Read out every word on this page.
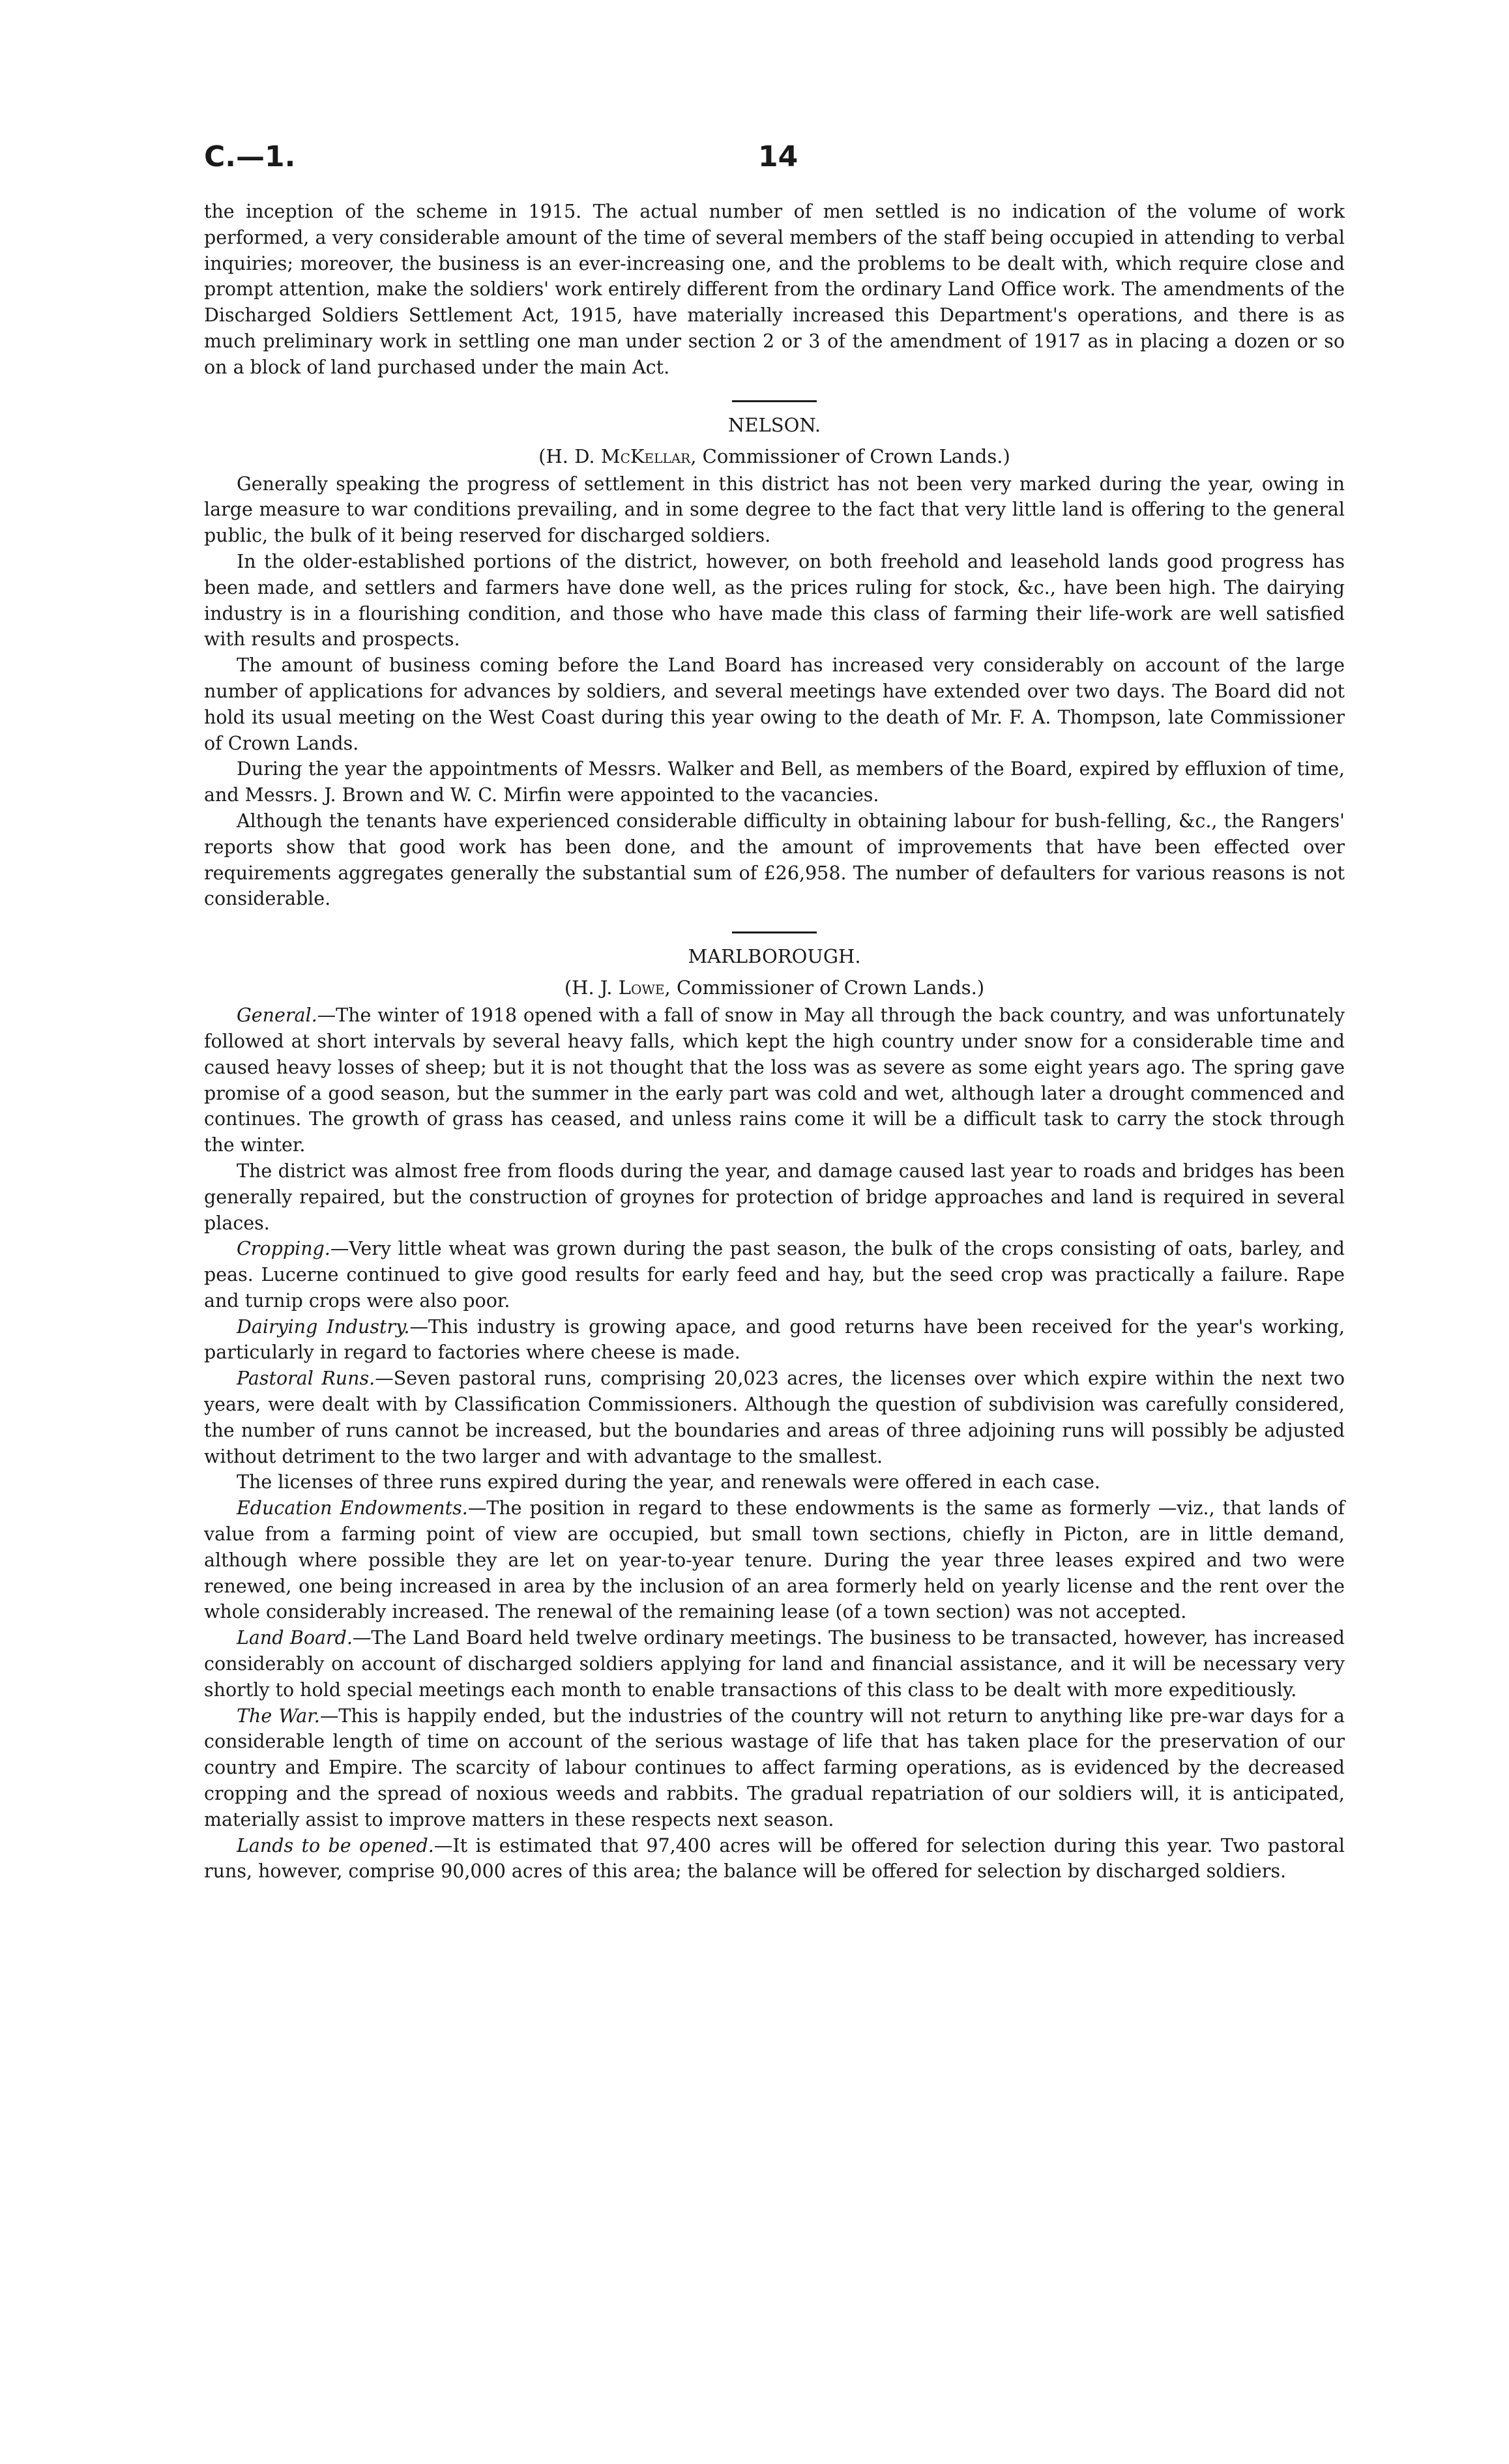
C.—1.	14

the inception of the scheme in 1915. The actual number of men settled is no indication of the volume of work performed, a very considerable amount of the time of several members of the staff being occupied in attending to verbal inquiries; moreover, the business is an ever-increasing one, and the problems to be dealt with, which require close and prompt attention, make the soldiers' work entirely different from the ordinary Land Office work. The amendments of the Discharged Soldiers Settlement Act, 1915, have materially increased this Department's operations, and there is as much preliminary work in settling one man under section 2 or 3 of the amendment of 1917 as in placing a dozen or so on a block of land purchased under the main Act.

NELSON.

(H. D. McKellar, Commissioner of Crown Lands.)

Generally speaking the progress of settlement in this district has not been very marked during the year, owing in large measure to war conditions prevailing, and in some degree to the fact that very little land is offering to the general public, the bulk of it being reserved for discharged soldiers.

In the older-established portions of the district, however, on both freehold and leasehold lands good progress has been made, and settlers and farmers have done well, as the prices ruling for stock, &c., have been high. The dairying industry is in a flourishing condition, and those who have made this class of farming their life-work are well satisfied with results and prospects.

The amount of business coming before the Land Board has increased very considerably on account of the large number of applications for advances by soldiers, and several meetings have extended over two days. The Board did not hold its usual meeting on the West Coast during this year owing to the death of Mr. F. A. Thompson, late Commissioner of Crown Lands.

During the year the appointments of Messrs. Walker and Bell, as members of the Board, expired by effluxion of time, and Messrs. J. Brown and W. C. Mirfin were appointed to the vacancies.

Although the tenants have experienced considerable difficulty in obtaining labour for bush-felling, &c., the Rangers' reports show that good work has been done, and the amount of improvements that have been effected over requirements aggregates generally the substantial sum of £26,958. The number of defaulters for various reasons is not considerable.

MARLBOROUGH.

(H. J. Lowe, Commissioner of Crown Lands.)

General.—The winter of 1918 opened with a fall of snow in May all through the back country, and was unfortunately followed at short intervals by several heavy falls, which kept the high country under snow for a considerable time and caused heavy losses of sheep; but it is not thought that the loss was as severe as some eight years ago. The spring gave promise of a good season, but the summer in the early part was cold and wet, although later a drought commenced and continues. The growth of grass has ceased, and unless rains come it will be a difficult task to carry the stock through the winter.

The district was almost free from floods during the year, and damage caused last year to roads and bridges has been generally repaired, but the construction of groynes for protection of bridge approaches and land is required in several places.

Cropping.—Very little wheat was grown during the past season, the bulk of the crops consisting of oats, barley, and peas. Lucerne continued to give good results for early feed and hay, but the seed crop was practically a failure. Rape and turnip crops were also poor.

Dairying Industry.—This industry is growing apace, and good returns have been received for the year's working, particularly in regard to factories where cheese is made.

Pastoral Runs.—Seven pastoral runs, comprising 20,023 acres, the licenses over which expire within the next two years, were dealt with by Classification Commissioners. Although the question of subdivision was carefully considered, the number of runs cannot be increased, but the boundaries and areas of three adjoining runs will possibly be adjusted without detriment to the two larger and with advantage to the smallest.

The licenses of three runs expired during the year, and renewals were offered in each case.

Education Endowments.—The position in regard to these endowments is the same as formerly —viz., that lands of value from a farming point of view are occupied, but small town sections, chiefly in Picton, are in little demand, although where possible they are let on year-to-year tenure. During the year three leases expired and two were renewed, one being increased in area by the inclusion of an area formerly held on yearly license and the rent over the whole considerably increased. The renewal of the remaining lease (of a town section) was not accepted.

Land Board.—The Land Board held twelve ordinary meetings. The business to be transacted, however, has increased considerably on account of discharged soldiers applying for land and financial assistance, and it will be necessary very shortly to hold special meetings each month to enable transactions of this class to be dealt with more expeditiously.

The War.—This is happily ended, but the industries of the country will not return to anything like pre-war days for a considerable length of time on account of the serious wastage of life that has taken place for the preservation of our country and Empire. The scarcity of labour continues to affect farming operations, as is evidenced by the decreased cropping and the spread of noxious weeds and rabbits. The gradual repatriation of our soldiers will, it is anticipated, materially assist to improve matters in these respects next season.

Lands to be opened.—It is estimated that 97,400 acres will be offered for selection during this year. Two pastoral runs, however, comprise 90,000 acres of this area; the balance will be offered for selection by discharged soldiers.
